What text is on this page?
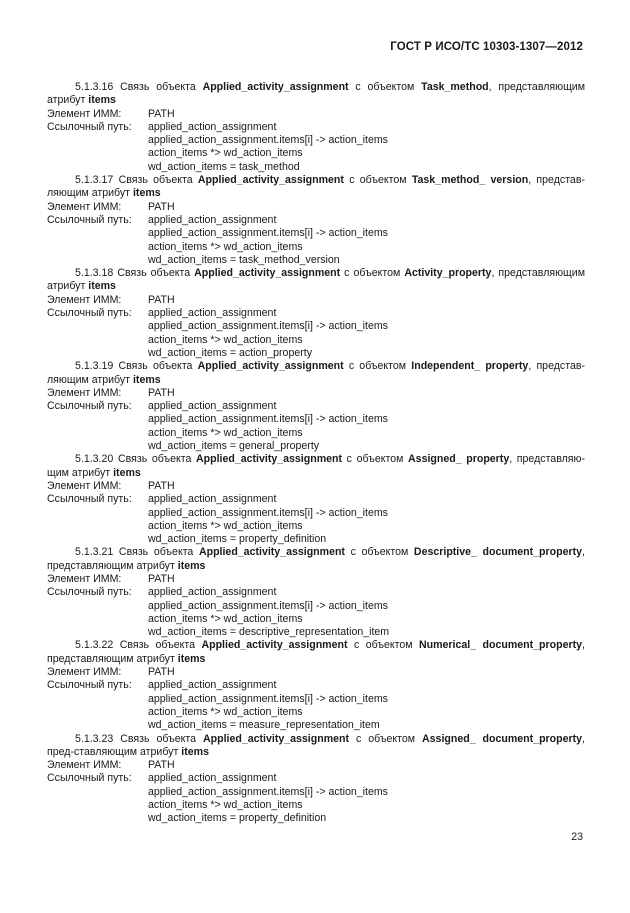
ГОСТ Р ИСО/ТС 10303-1307—2012
5.1.3.16 Связь объекта Applied_activity_assignment с объектом Task_method, представляющим атрибут items
Элемент ИММ:	PATH
Ссылочный путь:	applied_action_assignment
applied_action_assignment.items[i] -> action_items
action_items *> wd_action_items
wd_action_items = task_method
5.1.3.17 Связь объекта Applied_activity_assignment с объектом Task_method_ version, представ-ляющим атрибут items
Элемент ИММ:	PATH
Ссылочный путь:	applied_action_assignment
applied_action_assignment.items[i] -> action_items
action_items *> wd_action_items
wd_action_items = task_method_version
5.1.3.18 Связь объекта Applied_activity_assignment с объектом Activity_property, представляющим атрибут items
Элемент ИММ:	PATH
Ссылочный путь:	applied_action_assignment
applied_action_assignment.items[i] -> action_items
action_items *> wd_action_items
wd_action_items = action_property
5.1.3.19 Связь объекта Applied_activity_assignment с объектом Independent_ property, представ-ляющим атрибут items
Элемент ИММ:	PATH
Ссылочный путь:	applied_action_assignment
applied_action_assignment.items[i] -> action_items
action_items *> wd_action_items
wd_action_items = general_property
5.1.3.20 Связь объекта Applied_activity_assignment с объектом Assigned_ property, представляю-щим атрибут items
Элемент ИММ:	PATH
Ссылочный путь:	applied_action_assignment
applied_action_assignment.items[i] -> action_items
action_items *> wd_action_items
wd_action_items = property_definition
5.1.3.21 Связь объекта Applied_activity_assignment с объектом Descriptive_ document_property, представляющим атрибут items
Элемент ИММ:	PATH
Ссылочный путь:	applied_action_assignment
applied_action_assignment.items[i] -> action_items
action_items *> wd_action_items
wd_action_items = descriptive_representation_item
5.1.3.22 Связь объекта Applied_activity_assignment с объектом Numerical_ document_property, представляющим атрибут items
Элемент ИММ:	PATH
Ссылочный путь:	applied_action_assignment
applied_action_assignment.items[i] -> action_items
action_items *> wd_action_items
wd_action_items = measure_representation_item
5.1.3.23 Связь объекта Applied_activity_assignment с объектом Assigned_ document_property, пред-ставляющим атрибут items
Элемент ИММ:	PATH
Ссылочный путь:	applied_action_assignment
applied_action_assignment.items[i] -> action_items
action_items *> wd_action_items
wd_action_items = property_definition
23
